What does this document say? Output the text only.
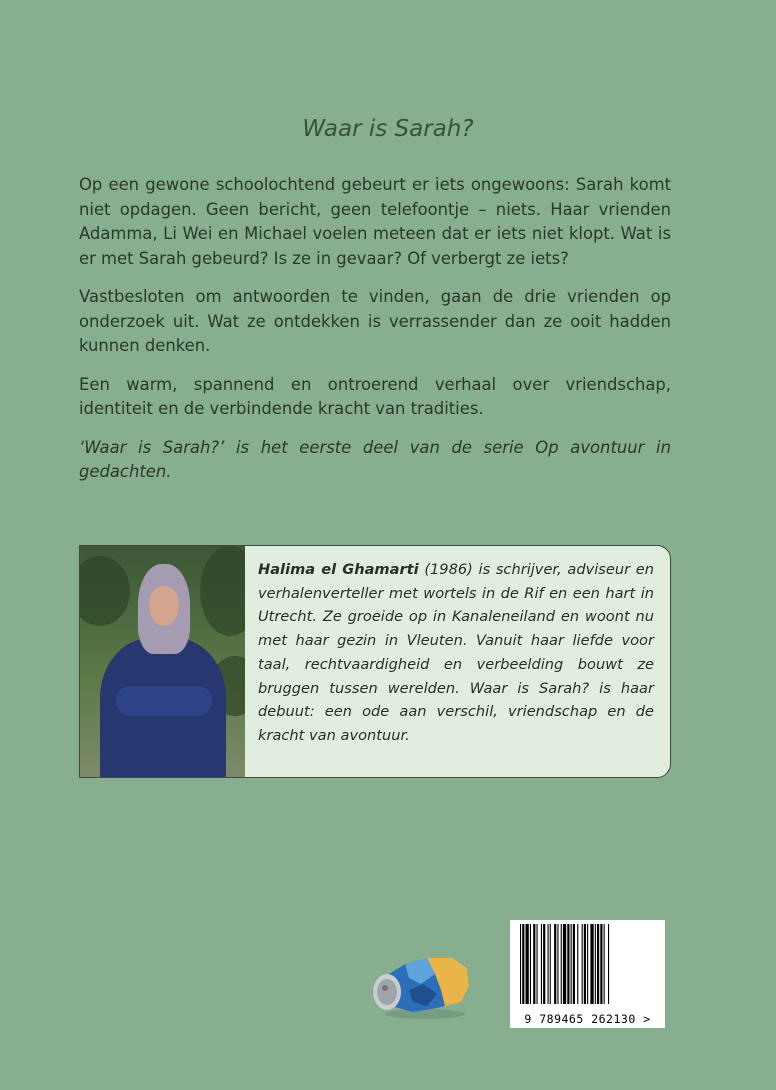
Waar is Sarah?

Op een gewone schoolochtend gebeurt er iets ongewoons: Sarah komt niet opdagen. Geen bericht, geen telefoontje – niets. Haar vrienden Adamma, Li Wei en Michael voelen meteen dat er iets niet klopt. Wat is er met Sarah gebeurd? Is ze in gevaar? Of verbergt ze iets?

Vastbesloten om antwoorden te vinden, gaan de drie vrienden op onderzoek uit. Wat ze ontdekken is verrassender dan ze ooit hadden kunnen denken.

Een warm, spannend en ontroerend verhaal over vriendschap, identiteit en de verbindende kracht van tradities.

‘Waar is Sarah?’ is het eerste deel van de serie Op avontuur in gedachten.

Halima el Ghamarti (1986) is schrijver, adviseur en verhalenverteller met wortels in de Rif en een hart in Utrecht. Ze groeide op in Kanaleneiland en woont nu met haar gezin in Vleuten. Vanuit haar liefde voor taal, rechtvaardigheid en verbeelding bouwt ze bruggen tussen werelden. Waar is Sarah? is haar debuut: een ode aan verschil, vriendschap en de kracht van avontuur.

9 789465 262130 >
